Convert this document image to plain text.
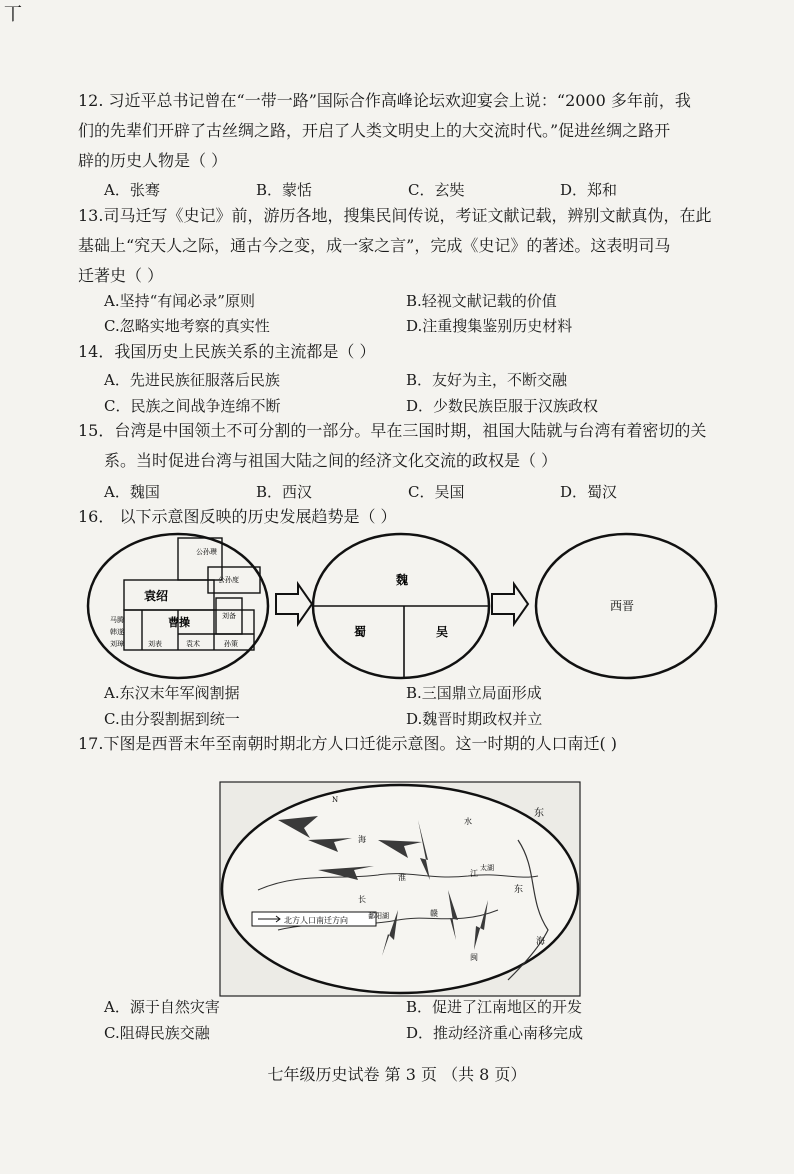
丅

12. 习近平总书记曾在“一带一路”国际合作高峰论坛欢迎宴会上说：“2000 多年前，我

们的先辈们开辟了古丝绸之路，开启了人类文明史上的大交流时代。”促进丝绸之路开

辟的历史人物是（ ）

A．张骞	B．蒙恬	C．玄奘	D．郑和

13.司马迁写《史记》前，游历各地，搜集民间传说，考证文献记载，辨别文献真伪，在此

基础上“究天人之际，通古今之变，成一家之言”，完成《史记》的著述。这表明司马

迁著史（ ）

A.坚持“有闻必录”原则	B.轻视文献记载的价值
C.忽略实地考察的真实性	D.注重搜集鉴别历史材料

14．我国历史上民族关系的主流都是（ ）

A．先进民族征服落后民族	B．友好为主，不断交融
C．民族之间战争连绵不断	D．少数民族臣服于汉族政权

15．台湾是中国领土不可分割的一部分。早在三国时期，祖国大陆就与台湾有着密切的关

系。当时促进台湾与祖国大陆之间的经济文化交流的政权是（ ）

A．魏国	B．西汉	C．吴国	D．蜀汉

16． 以下示意图反映的历史发展趋势是（ ）

公孙瓒
公孙度
袁绍
曹操
马腾
韩遂
刘备
刘璋	刘表	袁术	孙策
魏
蜀	吴
西晋
A.东汉末年军阀割据	B.三国鼎立局面形成
C.由分裂割据到统一	D.魏晋时期政权并立

17.下图是西晋末年至南朝时期北方人口迁徙示意图。这一时期的人口南迁( )

北方人口南迁方向
N
东
海
长
江
水
淮
太湖
鄱阳湖
东
海
赣
闽
A．源于自然灾害	B．促进了江南地区的开发
C.阻碍民族交融	D．推动经济重心南移完成
七年级历史试卷 第 3 页 （共 8 页）
